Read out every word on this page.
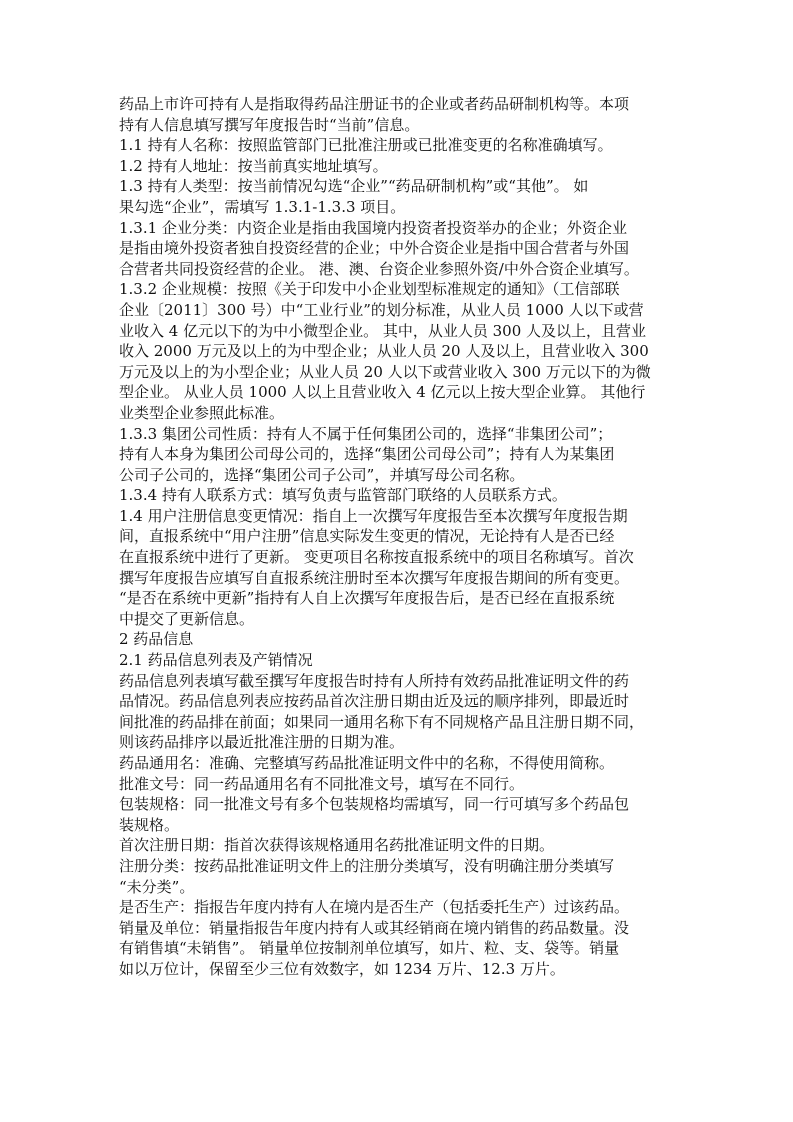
药品上市许可持有人是指取得药品注册证书的企业或者药品研制机构等。本项
持有人信息填写撰写年度报告时“当前”信息。
1.1 持有人名称：按照监管部门已批准注册或已批准变更的名称准确填写。
1.2 持有人地址：按当前真实地址填写。
1.3 持有人类型：按当前情况勾选“企业”“药品研制机构”或“其他”。 如
果勾选“企业”，需填写 1.3.1-1.3.3 项目。
1.3.1 企业分类：内资企业是指由我国境内投资者投资举办的企业；外资企业
是指由境外投资者独自投资经营的企业；中外合资企业是指中国合营者与外国
合营者共同投资经营的企业。 港、澳、台资企业参照外资/中外合资企业填写。
1.3.2 企业规模：按照《关于印发中小企业划型标准规定的通知》（工信部联
企业〔2011〕300 号）中“工业行业”的划分标准，从业人员 1000 人以下或营
业收入 4 亿元以下的为中小微型企业。 其中，从业人员 300 人及以上，且营业
收入 2000 万元及以上的为中型企业；从业人员 20 人及以上，且营业收入 300
万元及以上的为小型企业；从业人员 20 人以下或营业收入 300 万元以下的为微
型企业。 从业人员 1000 人以上且营业收入 4 亿元以上按大型企业算。 其他行
业类型企业参照此标准。
1.3.3 集团公司性质：持有人不属于任何集团公司的，选择“非集团公司”；
持有人本身为集团公司母公司的，选择“集团公司母公司”；持有人为某集团
公司子公司的，选择“集团公司子公司”，并填写母公司名称。
1.3.4 持有人联系方式：填写负责与监管部门联络的人员联系方式。
1.4 用户注册信息变更情况：指自上一次撰写年度报告至本次撰写年度报告期
间，直报系统中“用户注册”信息实际发生变更的情况，无论持有人是否已经
在直报系统中进行了更新。 变更项目名称按直报系统中的项目名称填写。首次
撰写年度报告应填写自直报系统注册时至本次撰写年度报告期间的所有变更。
“是否在系统中更新”指持有人自上次撰写年度报告后，是否已经在直报系统
中提交了更新信息。
2 药品信息
2.1 药品信息列表及产销情况
药品信息列表填写截至撰写年度报告时持有人所持有效药品批准证明文件的药
品情况。药品信息列表应按药品首次注册日期由近及远的顺序排列，即最近时
间批准的药品排在前面；如果同一通用名称下有不同规格产品且注册日期不同，
则该药品排序以最近批准注册的日期为准。
药品通用名：准确、完整填写药品批准证明文件中的名称，不得使用简称。
批准文号：同一药品通用名有不同批准文号，填写在不同行。
包装规格：同一批准文号有多个包装规格均需填写，同一行可填写多个药品包
装规格。
首次注册日期：指首次获得该规格通用名药批准证明文件的日期。
注册分类：按药品批准证明文件上的注册分类填写，没有明确注册分类填写
“未分类”。
是否生产：指报告年度内持有人在境内是否生产（包括委托生产）过该药品。
销量及单位：销量指报告年度内持有人或其经销商在境内销售的药品数量。没
有销售填“未销售”。 销量单位按制剂单位填写，如片、粒、支、袋等。销量
如以万位计，保留至少三位有效数字，如 1234 万片、12.3 万片。
